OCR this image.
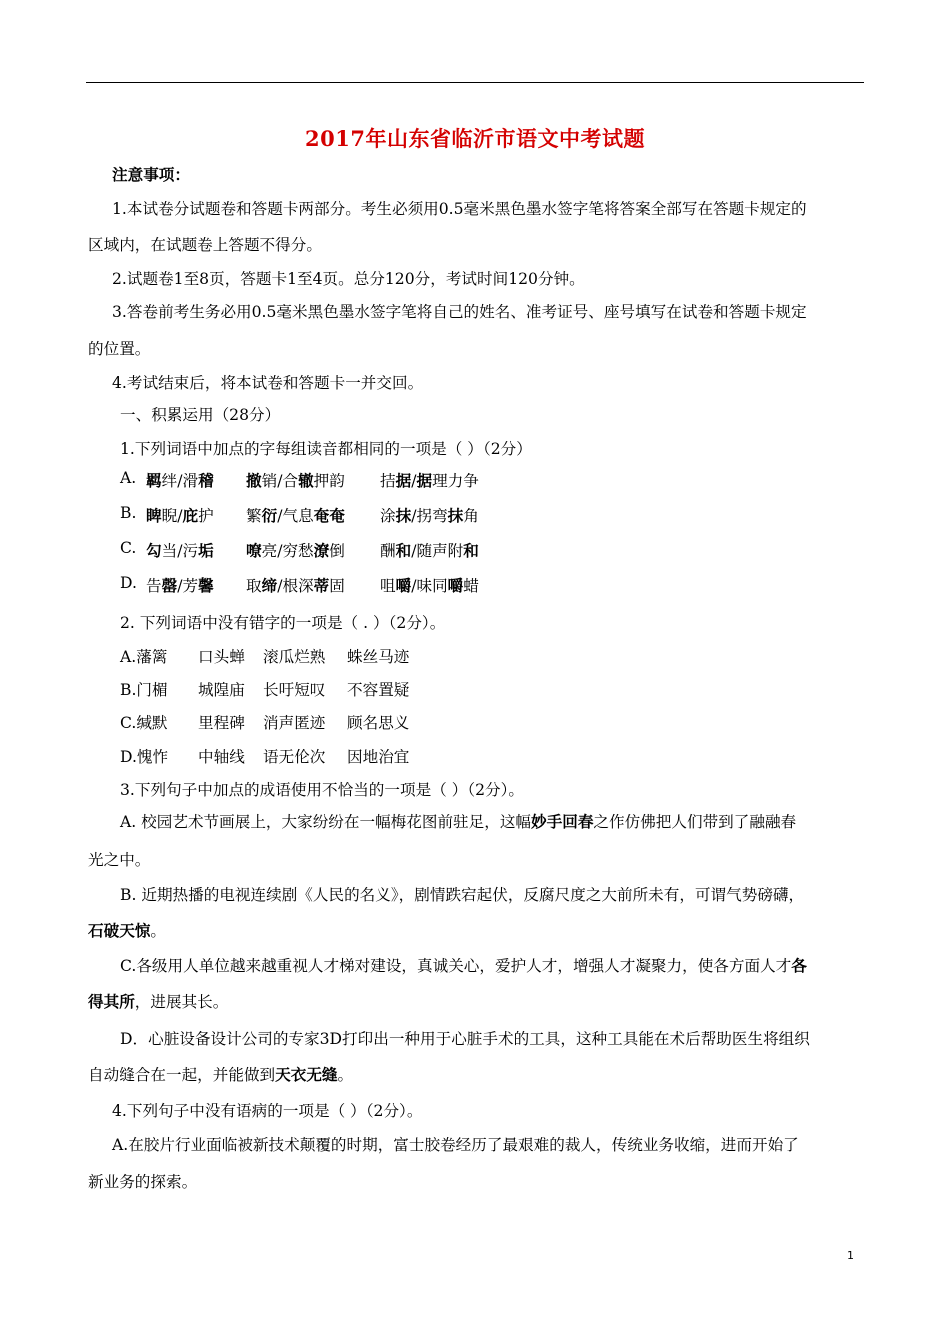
2017年山东省临沂市语文中考试题
注意事项：
1.本试卷分试题卷和答题卡两部分。考生必须用0.5毫米黑色墨水签字笔将答案全部写在答题卡规定的
区域内，在试题卷上答题不得分。
2.试题卷1至8页，答题卡1至4页。总分120分，考试时间120分钟。
3.答卷前考生务必用0.5毫米黑色墨水签字笔将自己的姓名、准考证号、座号填写在试卷和答题卡规定
的位置。
4.考试结束后，将本试卷和答题卡一并交回。
一、积累运用（28分）
1.下列词语中加点的字每组读音都相同的一项是（ ）（2分）
A. 羁绊/滑稽 撤销/合辙押韵 拮据/据理力争
B. 睥睨/庇护 繁衍/气息奄奄 涂抹/拐弯抹角
C. 勾当/污垢 嘹亮/穷愁潦倒 酬和/随声附和
D. 告罄/芳馨 取缔/根深蒂固 咀嚼/味同嚼蜡
2. 下列词语中没有错字的一项是（ . ）（2分）。
A.藩篱 口头蝉 滚瓜烂熟 蛛丝马迹
B.门楣 城隍庙 长吁短叹 不容置疑
C.缄默 里程碑 消声匿迹 顾名思义
D.愧怍 中轴线 语无伦次 因地治宜
3.下列句子中加点的成语使用不恰当的一项是（ ）（2分）。
A. 校园艺术节画展上，大家纷纷在一幅梅花图前驻足，这幅妙手回春之作仿佛把人们带到了融融春
光之中。
B. 近期热播的电视连续剧《人民的名义》，剧情跌宕起伏，反腐尺度之大前所未有，可谓气势磅礴，
石破天惊。
C.各级用人单位越来越重视人才梯对建设，真诚关心，爱护人才，增强人才凝聚力，使各方面人才各
得其所，进展其长。
D．心脏设备设计公司的专家3D打印出一种用于心脏手术的工具，这种工具能在术后帮助医生将组织
自动缝合在一起，并能做到天衣无缝。
4.下列句子中没有语病的一项是（ ）（2分）。
A.在胶片行业面临被新技术颠覆的时期，富士胶卷经历了最艰难的裁人，传统业务收缩，进而开始了
新业务的探索。
1
